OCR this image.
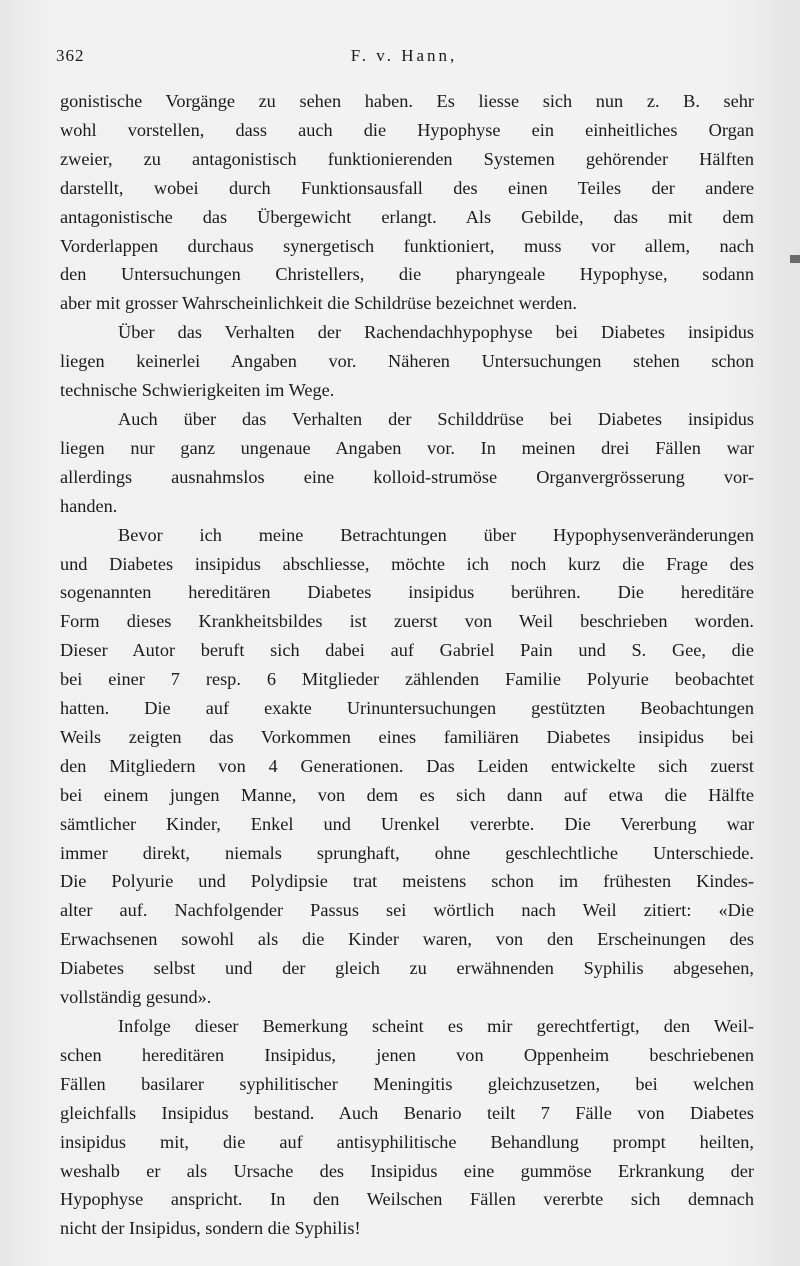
362	F. v. Hann,

gonistische Vorgänge zu sehen haben. Es liesse sich nun z. B. sehr

wohl vorstellen, dass auch die Hypophyse ein einheitliches Organ

zweier, zu antagonistisch funktionierenden Systemen gehörender Hälften

darstellt, wobei durch Funktionsausfall des einen Teiles der andere

antagonistische das Übergewicht erlangt. Als Gebilde, das mit dem

Vorderlappen durchaus synergetisch funktioniert, muss vor allem, nach

den Untersuchungen Christellers, die pharyngeale Hypophyse, sodann

aber mit grosser Wahrscheinlichkeit die Schildrüse bezeichnet werden.

Über das Verhalten der Rachendachhypophyse bei Diabetes insipidus

liegen keinerlei Angaben vor. Näheren Untersuchungen stehen schon

technische Schwierigkeiten im Wege.

Auch über das Verhalten der Schilddrüse bei Diabetes insipidus

liegen nur ganz ungenaue Angaben vor. In meinen drei Fällen war

allerdings ausnahmslos eine kolloid-strumöse Organvergrösserung vor-

handen.

Bevor ich meine Betrachtungen über Hypophysenveränderungen

und Diabetes insipidus abschliesse, möchte ich noch kurz die Frage des

sogenannten hereditären Diabetes insipidus berühren. Die hereditäre

Form dieses Krankheitsbildes ist zuerst von Weil beschrieben worden.

Dieser Autor beruft sich dabei auf Gabriel Pain und S. Gee, die

bei einer 7 resp. 6 Mitglieder zählenden Familie Polyurie beobachtet

hatten. Die auf exakte Urinuntersuchungen gestützten Beobachtungen

Weils zeigten das Vorkommen eines familiären Diabetes insipidus bei

den Mitgliedern von 4 Generationen. Das Leiden entwickelte sich zuerst

bei einem jungen Manne, von dem es sich dann auf etwa die Hälfte

sämtlicher Kinder, Enkel und Urenkel vererbte. Die Vererbung war

immer direkt, niemals sprunghaft, ohne geschlechtliche Unterschiede.

Die Polyurie und Polydipsie trat meistens schon im frühesten Kindes-

alter auf. Nachfolgender Passus sei wörtlich nach Weil zitiert: «Die

Erwachsenen sowohl als die Kinder waren, von den Erscheinungen des

Diabetes selbst und der gleich zu erwähnenden Syphilis abgesehen,

vollständig gesund».

Infolge dieser Bemerkung scheint es mir gerechtfertigt, den Weil-

schen hereditären Insipidus, jenen von Oppenheim beschriebenen

Fällen basilarer syphilitischer Meningitis gleichzusetzen, bei welchen

gleichfalls Insipidus bestand. Auch Benario teilt 7 Fälle von Diabetes

insipidus mit, die auf antisyphilitische Behandlung prompt heilten,

weshalb er als Ursache des Insipidus eine gummöse Erkrankung der

Hypophyse anspricht. In den Weilschen Fällen vererbte sich demnach

nicht der Insipidus, sondern die Syphilis!
